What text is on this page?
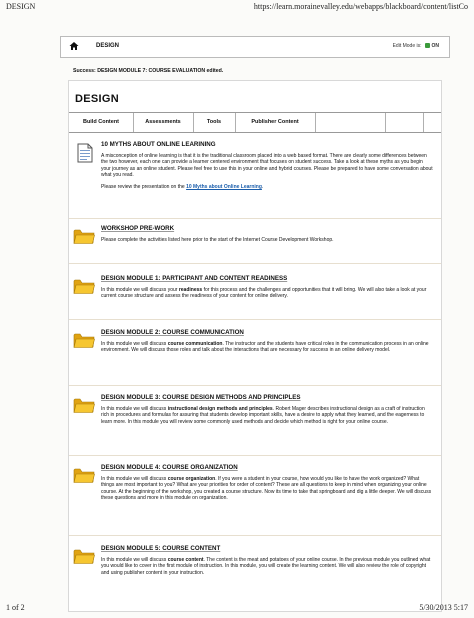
DESIGN	https://learn.morainevalley.edu/webapps/blackboard/content/listCo
DESIGN	Edit Mode is: ON
Success: DESIGN MODULE 7: COURSE EVALUATION edited.
DESIGN
Build Content	Assessments	Tools	Publisher Content
10 MYTHS ABOUT ONLINE LEARINING

A misconception of online learning is that it is the traditional classroom placed into a web based format. There are clearly some differences between the two however, each one can provide a learner centered environment that focuses on student success. Take a look at these myths as you begin your journey as an online student. Please feel free to use this in your online and hybrid courses. Please be prepared to have some conversation about what you read.

Please review the presentation on the 10 Myths about Online Learning.

WORKSHOP PRE-WORK

Please complete the activities listed here prior to the start of the Internet Course Development Workshop.

DESIGN MODULE 1: PARTICIPANT AND CONTENT READINESS

In this module we will discuss your readiness for this process and the challenges and opportunities that it will bring. We will also take a look at your current course structure and assess the readiness of your content for online delivery.

DESIGN MODULE 2: COURSE COMMUNICATION

In this module we will discuss course communication. The instructor and the students have critical roles in the communication process in an online environment. We will discuss those roles and talk about the interactions that are necessary for success in an online delivery model.

DESIGN MODULE 3: COURSE DESIGN METHODS AND PRINCIPLES

In this module we will discuss instructional design methods and principles. Robert Mager describes instructional design as a craft of instruction rich in procedures and formulas for assuring that students develop important skills, have a desire to apply what they learned, and the eagerness to learn more. In this module you will review some commonly used methods and decide which method is right for your online course.

DESIGN MODULE 4: COURSE ORGANIZATION

In this module we will discuss course organization. If you were a student in your course, how would you like to have the work organized? What things are most important to you? What are your priorities for order of content? These are all questions to keep in mind when organizing your online course. At the beginning of the workshop, you created a course structure. Now its time to take that springboard and dig a little deeper. We will discuss these questions and more in this module on organization.

DESIGN MODULE 5: COURSE CONTENT

In this module we will discuss course content. The content is the meat and potatoes of your online course. In the previous module you outlined what you would like to cover in the first module of instruction. In this module, you will create the learning content. We will also review the role of copyright and using publisher content in your instruction.

1 of 2	5/30/2013 5:17
